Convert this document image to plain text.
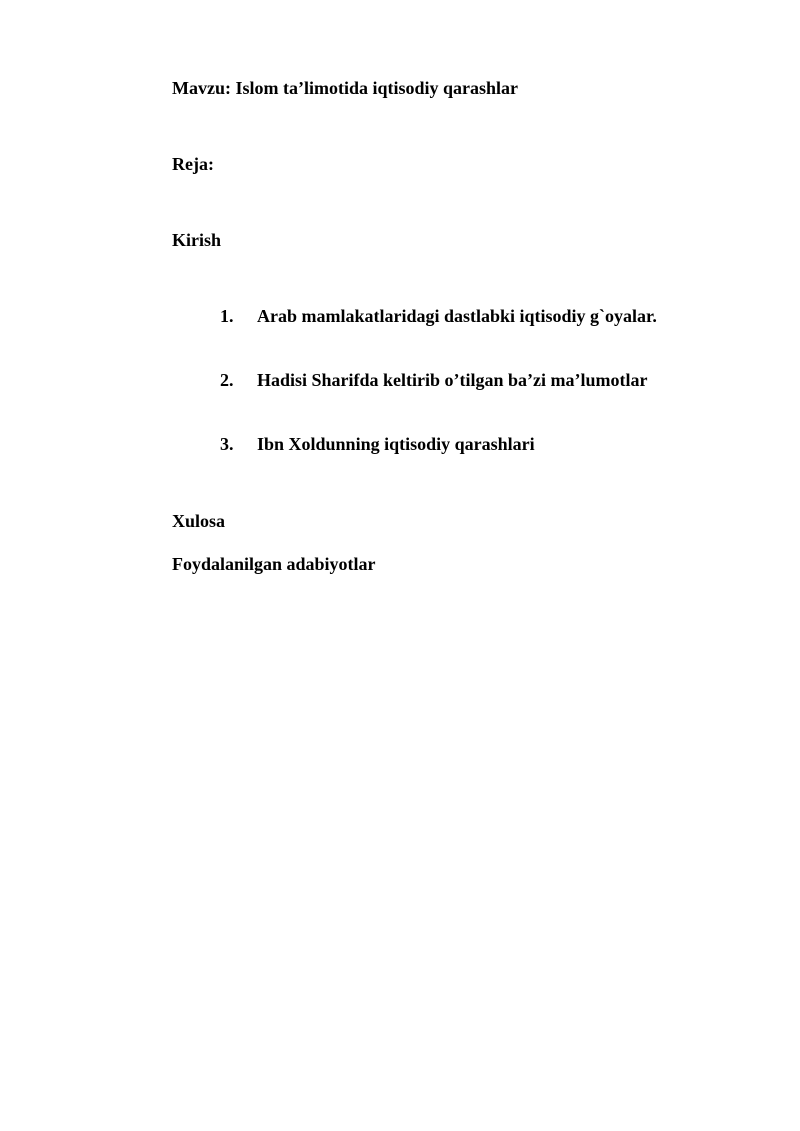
Mavzu: Islom ta’limotida iqtisodiy qarashlar
Reja:
Kirish
1. Arab mamlakatlaridagi dastlabki iqtisodiy g`oyalar.
2. Hadisi Sharifda keltirib o’tilgan ba’zi ma’lumotlar
3. Ibn Xoldunning iqtisodiy qarashlari
Xulosa
Foydalanilgan adabiyotlar
